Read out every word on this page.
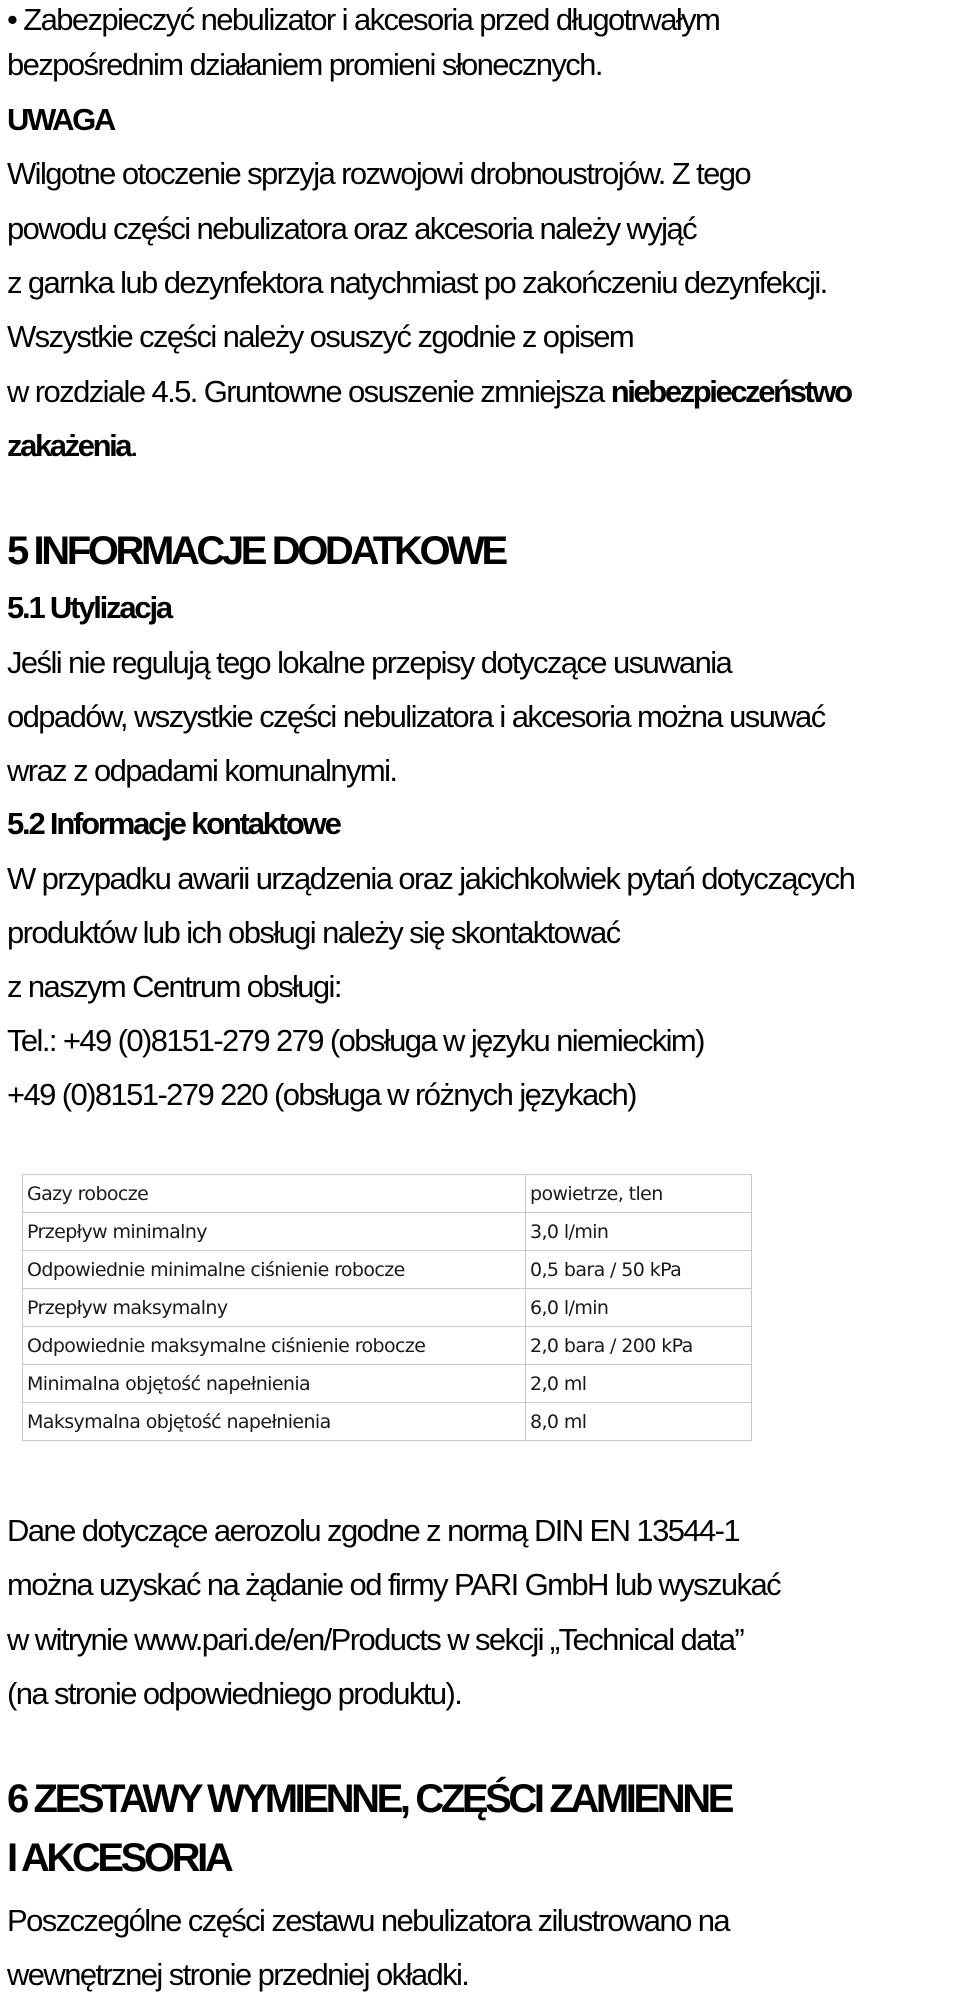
• Zabezpieczyć nebulizator i akcesoria przed długotrwałym
bezpośrednim działaniem promieni słonecznych.
UWAGA
Wilgotne otoczenie sprzyja rozwojowi drobnoustrojów. Z tego
powodu części nebulizatora oraz akcesoria należy wyjąć
z garnka lub dezynfektora natychmiast po zakończeniu dezynfekcji.
Wszystkie części należy osuszyć zgodnie z opisem
w rozdziale 4.5. Gruntowne osuszenie zmniejsza niebezpieczeństwo
zakażenia.
5 INFORMACJE DODATKOWE
5.1 Utylizacja
Jeśli nie regulują tego lokalne przepisy dotyczące usuwania
odpadów, wszystkie części nebulizatora i akcesoria można usuwać
wraz z odpadami komunalnymi.
5.2 Informacje kontaktowe
W przypadku awarii urządzenia oraz jakichkolwiek pytań dotyczących
produktów lub ich obsługi należy się skontaktować
z naszym Centrum obsługi:
Tel.: +49 (0)8151-279 279 (obsługa w języku niemieckim)
+49 (0)8151-279 220 (obsługa w różnych językach)
Gazy robocze	powietrze, tlen
Przepływ minimalny	3,0 l/min
Odpowiednie minimalne ciśnienie robocze	0,5 bara / 50 kPa
Przepływ maksymalny	6,0 l/min
Odpowiednie maksymalne ciśnienie robocze	2,0 bara / 200 kPa
Minimalna objętość napełnienia	2,0 ml
Maksymalna objętość napełnienia	8,0 ml
Dane dotyczące aerozolu zgodne z normą DIN EN 13544-1
można uzyskać na żądanie od firmy PARI GmbH lub wyszukać
w witrynie www.pari.de/en/Products w sekcji „Technical data”
(na stronie odpowiedniego produktu).
6 ZESTAWY WYMIENNE, CZĘŚCI ZAMIENNE
I AKCESORIA
Poszczególne części zestawu nebulizatora zilustrowano na
wewnętrznej stronie przedniej okładki.
